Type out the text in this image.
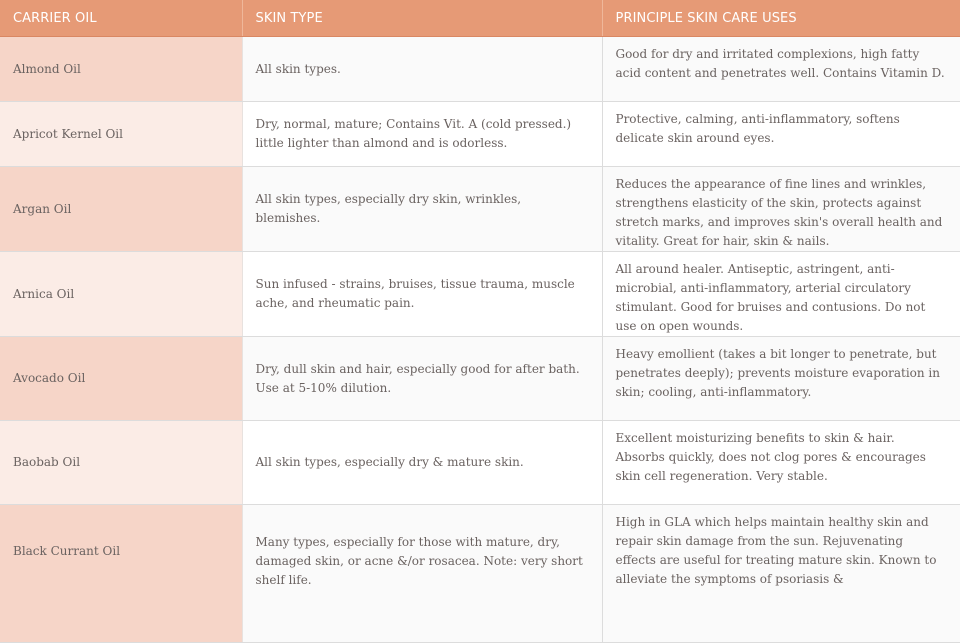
CARRIER OIL	SKIN TYPE	PRINCIPLE SKIN CARE USES
Almond Oil	All skin types.	Good for dry and irritated complexions, high fatty acid content and penetrates well. Contains Vitamin D.
Apricot Kernel Oil	Dry, normal, mature; Contains Vit. A (cold pressed.) little lighter than almond and is odorless.	Protective, calming, anti-inflammatory, softens delicate skin around eyes.
Argan Oil	All skin types, especially dry skin, wrinkles, blemishes.	Reduces the appearance of fine lines and wrinkles, strengthens elasticity of the skin, protects against stretch marks, and improves skin's overall health and vitality. Great for hair, skin & nails.
Arnica Oil	Sun infused - strains, bruises, tissue trauma, muscle ache, and rheumatic pain.	All around healer. Antiseptic, astringent, anti-microbial, anti-inflammatory, arterial circulatory stimulant. Good for bruises and contusions. Do not use on open wounds.
Avocado Oil	Dry, dull skin and hair, especially good for after bath. Use at 5-10% dilution.	Heavy emollient (takes a bit longer to penetrate, but penetrates deeply); prevents moisture evaporation in skin; cooling, anti-inflammatory.
Baobab Oil	All skin types, especially dry & mature skin.	Excellent moisturizing benefits to skin & hair. Absorbs quickly, does not clog pores & encourages skin cell regeneration. Very stable.
Black Currant Oil	Many types, especially for those with mature, dry, damaged skin, or acne &/or rosacea. Note: very short shelf life.	High in GLA which helps maintain healthy skin and repair skin damage from the sun. Rejuvenating effects are useful for treating mature skin. Known to alleviate the symptoms of psoriasis &
